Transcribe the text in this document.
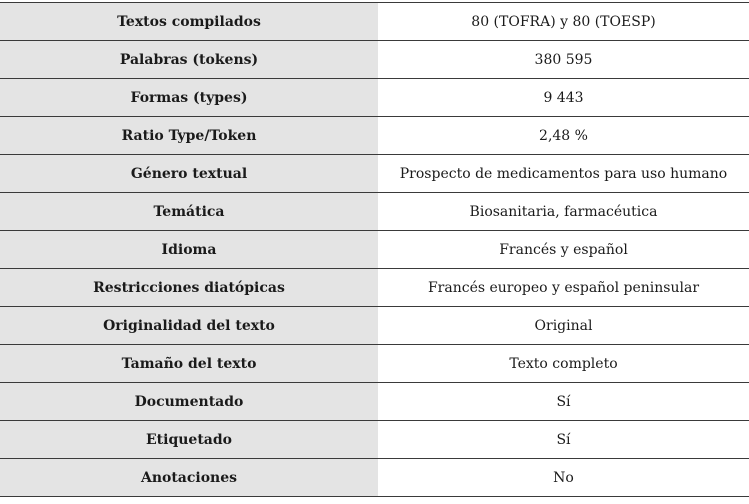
Textos compilados	80 (TOFRA) y 80 (TOESP)
Palabras (tokens)	380 595
Formas (types)	9 443
Ratio Type/Token	2,48 %
Género textual	Prospecto de medicamentos para uso humano
Temática	Biosanitaria, farmacéutica
Idioma	Francés y español
Restricciones diatópicas	Francés europeo y español peninsular
Originalidad del texto	Original
Tamaño del texto	Texto completo
Documentado	Sí
Etiquetado	Sí
Anotaciones	No
